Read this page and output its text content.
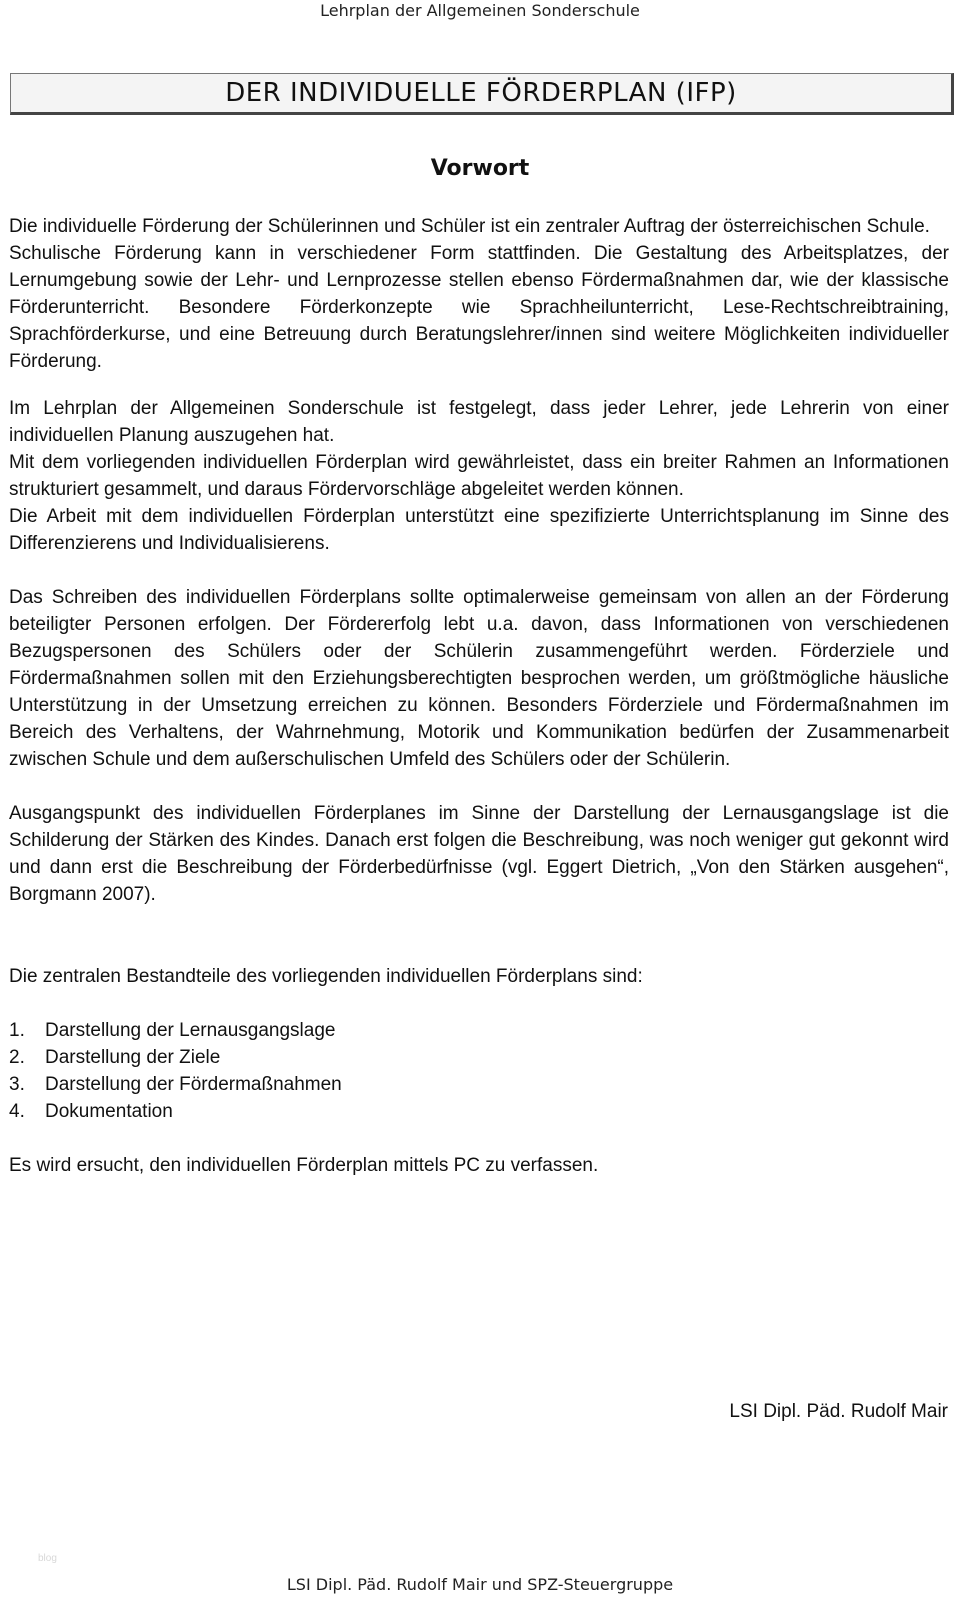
Lehrplan der Allgemeinen Sonderschule
DER INDIVIDUELLE FÖRDERPLAN (IFP)
Vorwort

Die individuelle Förderung der Schülerinnen und Schüler ist ein zentraler Auftrag der österreichischen Schule.

Schulische Förderung kann in verschiedener Form stattfinden. Die Gestaltung des Arbeitsplatzes, der Lernumgebung sowie der Lehr- und Lernprozesse stellen ebenso Fördermaßnahmen dar, wie der klassische Förderunterricht. Besondere Förderkonzepte wie Sprachheilunterricht, Lese-Rechtschreibtraining, Sprachförderkurse, und eine Betreuung durch Beratungslehrer/innen sind weitere Möglichkeiten individueller Förderung.

Im Lehrplan der Allgemeinen Sonderschule ist festgelegt, dass jeder Lehrer, jede Lehrerin von einer individuellen Planung auszugehen hat.

Mit dem vorliegenden individuellen Förderplan wird gewährleistet, dass ein breiter Rahmen an Informationen strukturiert gesammelt, und daraus Fördervorschläge abgeleitet werden können.

Die Arbeit mit dem individuellen Förderplan unterstützt eine spezifizierte Unterrichtsplanung im Sinne des Differenzierens und Individualisierens.

Das Schreiben des individuellen Förderplans sollte optimalerweise gemeinsam von allen an der Förderung beteiligter Personen erfolgen. Der Fördererfolg lebt u.a. davon, dass Informationen von verschiedenen Bezugspersonen des Schülers oder der Schülerin zusammengeführt werden. Förderziele und Fördermaßnahmen sollen mit den Erziehungsberechtigten besprochen werden, um größtmögliche häusliche Unterstützung in der Umsetzung erreichen zu können. Besonders Förderziele und Fördermaßnahmen im Bereich des Verhaltens, der Wahrnehmung, Motorik und Kommunikation bedürfen der Zusammenarbeit zwischen Schule und dem außerschulischen Umfeld des Schülers oder der Schülerin.

Ausgangspunkt des individuellen Förderplanes im Sinne der Darstellung der Lernausgangslage ist die Schilderung der Stärken des Kindes. Danach erst folgen die Beschreibung, was noch weniger gut gekonnt wird und dann erst die Beschreibung der Förderbedürfnisse (vgl. Eggert Dietrich, „Von den Stärken ausgehen“, Borgmann 2007).

Die zentralen Bestandteile des vorliegenden individuellen Förderplans sind:

1. Darstellung der Lernausgangslage
2. Darstellung der Ziele
3. Darstellung der Fördermaßnahmen
4. Dokumentation

Es wird ersucht, den individuellen Förderplan mittels PC zu verfassen.

LSI Dipl. Päd. Rudolf Mair
blog
LSI Dipl. Päd. Rudolf Mair und SPZ-Steuergruppe
